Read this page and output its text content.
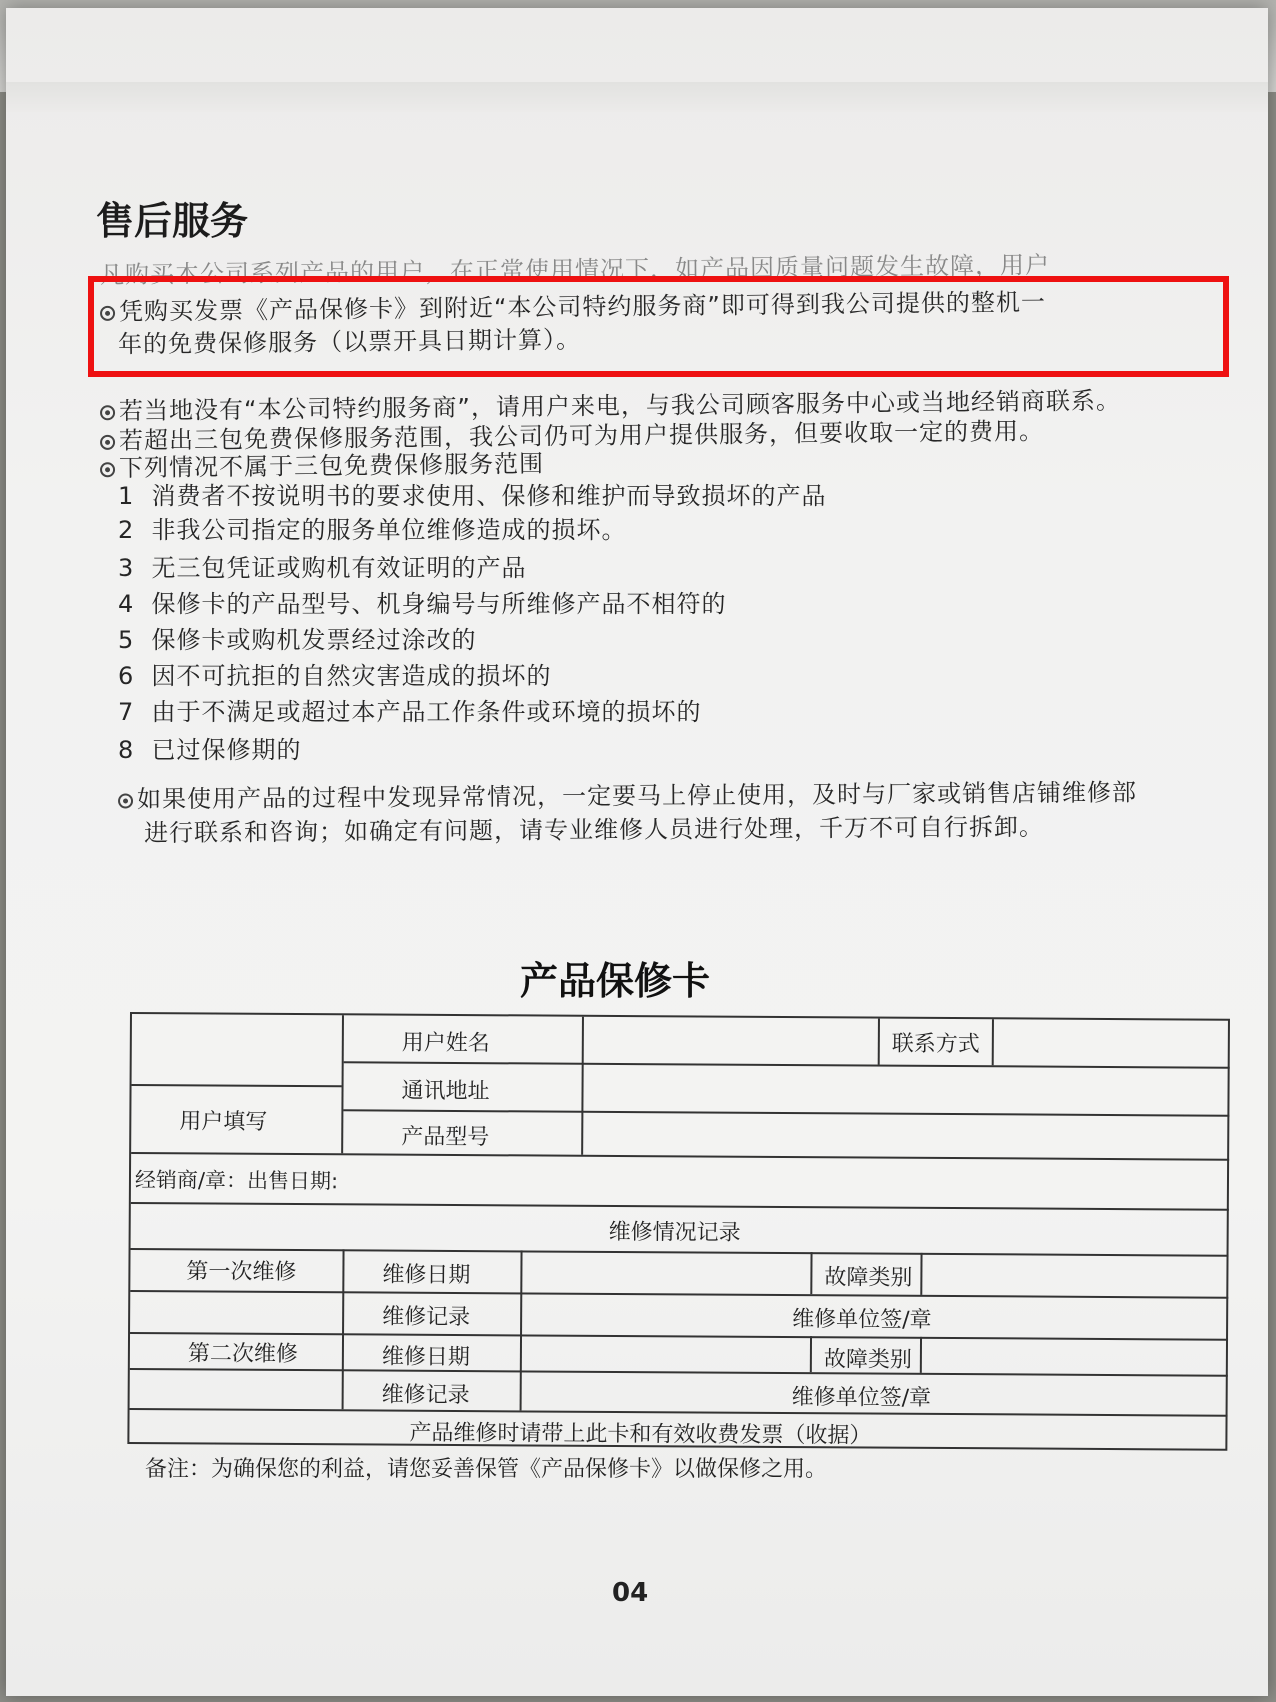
售后服务
凡购买本公司系列产品的用户，在正常使用情况下，如产品因质量问题发生故障，用户
凭购买发票《产品保修卡》到附近“本公司特约服务商”即可得到我公司提供的整机一
年的免费保修服务（以票开具日期计算）。
若当地没有“本公司特约服务商”，请用户来电，与我公司顾客服务中心或当地经销商联系。
若超出三包免费保修服务范围，我公司仍可为用户提供服务，但要收取一定的费用。
下列情况不属于三包免费保修服务范围
1 消费者不按说明书的要求使用、保修和维护而导致损坏的产品
2 非我公司指定的服务单位维修造成的损坏。
3 无三包凭证或购机有效证明的产品
4 保修卡的产品型号、机身编号与所维修产品不相符的
5 保修卡或购机发票经过涂改的
6 因不可抗拒的自然灾害造成的损坏的
7 由于不满足或超过本产品工作条件或环境的损坏的
8 已过保修期的
如果使用产品的过程中发现异常情况，一定要马上停止使用，及时与厂家或销售店铺维修部
进行联系和咨询；如确定有问题，请专业维修人员进行处理，千万不可自行拆卸。
产品保修卡
用户姓名	联系方式
用户填写
通讯地址
产品型号
经销商/章：出售日期:
维修情况记录
第一次维修	维修日期	故障类别
维修记录	维修单位签/章
第二次维修	维修日期	故障类别
维修记录	维修单位签/章
产品维修时请带上此卡和有效收费发票（收据）
备注：为确保您的利益，请您妥善保管《产品保修卡》以做保修之用。
04
